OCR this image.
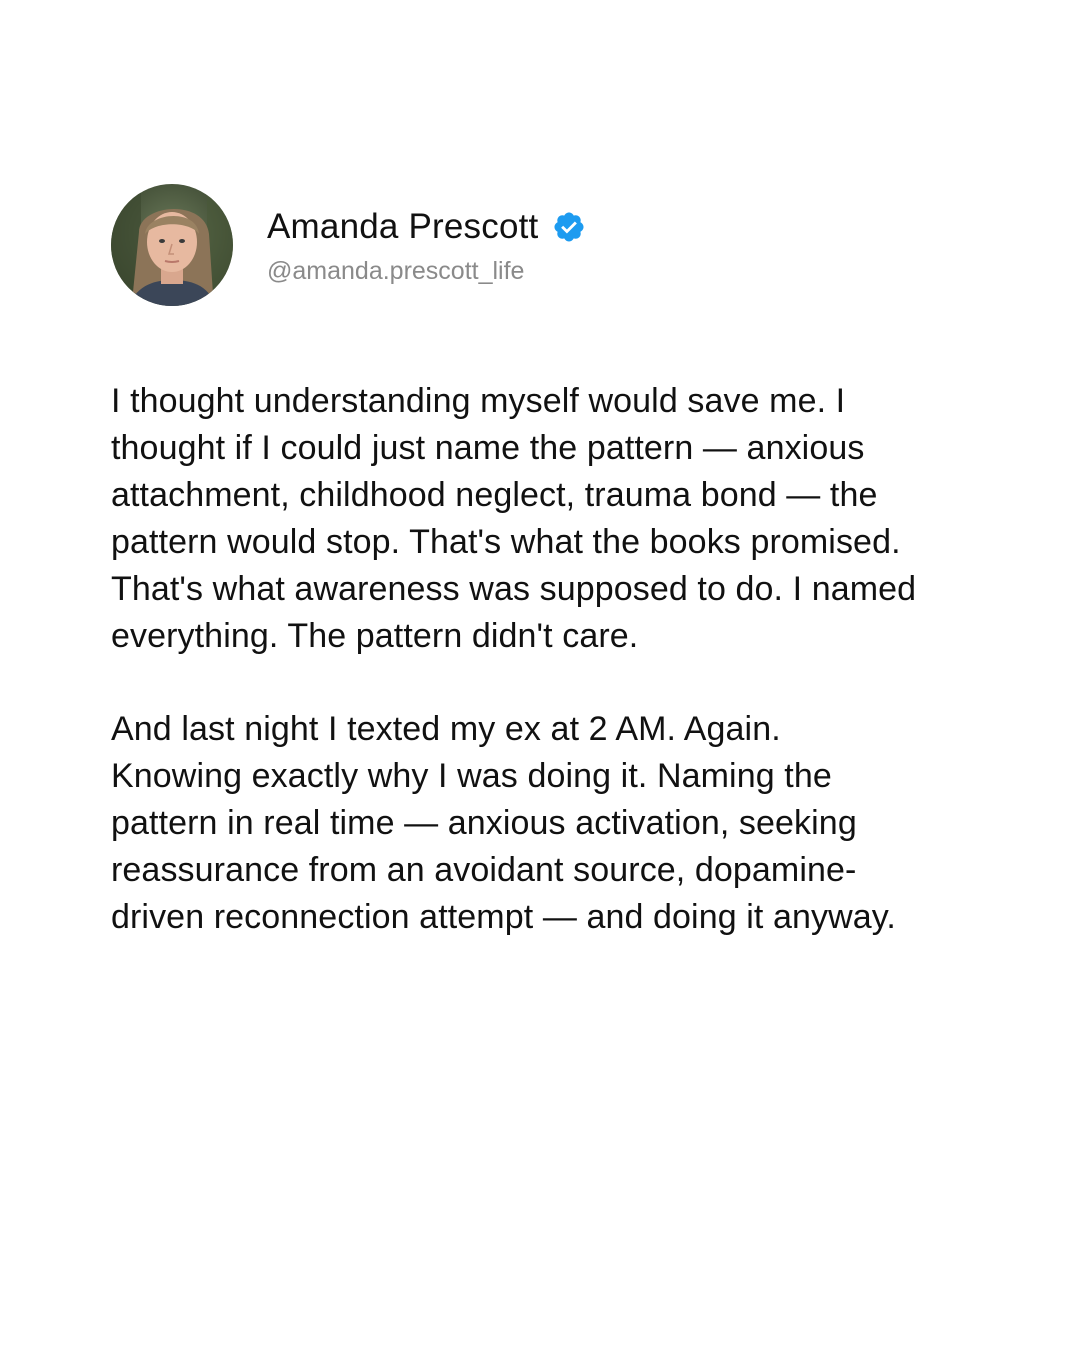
Amanda Prescott
@amanda.prescott_life

I thought understanding myself would save me. I
thought if I could just name the pattern — anxious
attachment, childhood neglect, trauma bond — the
pattern would stop. That's what the books promised.
That's what awareness was supposed to do. I named
everything. The pattern didn't care.

And last night I texted my ex at 2 AM. Again.
Knowing exactly why I was doing it. Naming the
pattern in real time — anxious activation, seeking
reassurance from an avoidant source, dopamine-
driven reconnection attempt — and doing it anyway.
